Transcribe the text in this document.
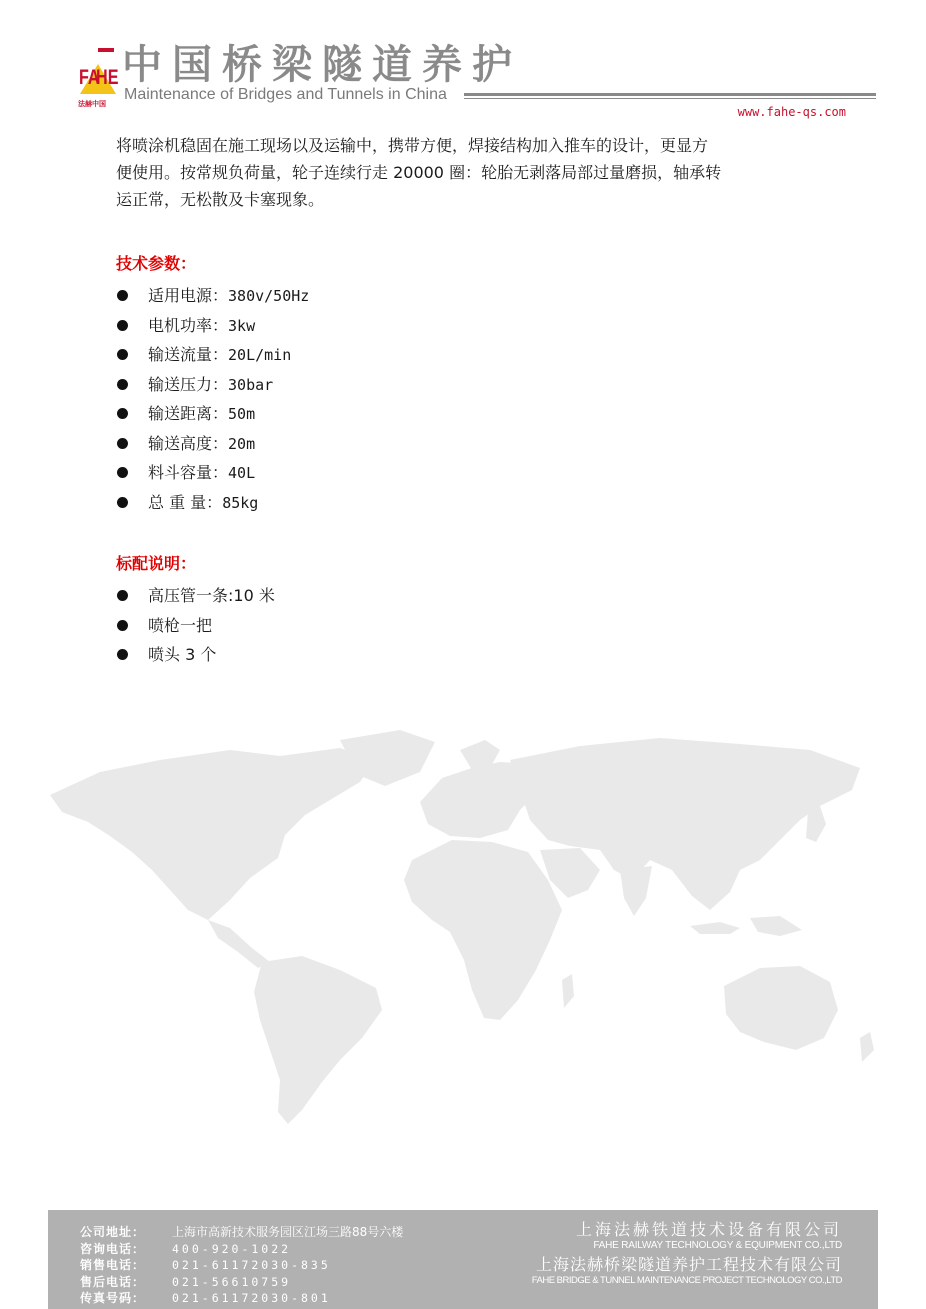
FA
HE
法赫中国
中国桥梁隧道养护
Maintenance of Bridges and Tunnels in China
www.fahe-qs.com

将喷涂机稳固在施工现场以及运输中，携带方便，焊接结构加入推车的设计，更显方
便使用。按常规负荷量，轮子连续行走 20000 圈：轮胎无剥落局部过量磨损，轴承转
运正常，无松散及卡塞现象。

技术参数：
适用电源：380v/50Hz
电机功率：3kw
输送流量：20L/min
输送压力：30bar
输送距离：50m
输送高度：20m
料斗容量：40L
总 重 量：85kg
标配说明：
高压管一条:10 米
喷枪一把
喷头 3 个
公司地址： 上海市高新技术服务园区江场三路88号六楼
咨询电话： 400-920-1022
销售电话： 021-61172030-835
售后电话： 021-56610759
传真号码： 021-61172030-801
上海法赫铁道技术设备有限公司
FAHE RAILWAY TECHNOLOGY & EQUIPMENT CO.,LTD
上海法赫桥梁隧道养护工程技术有限公司
FAHE BRIDGE & TUNNEL MAINTENANCE PROJECT TECHNOLOGY CO.,LTD
